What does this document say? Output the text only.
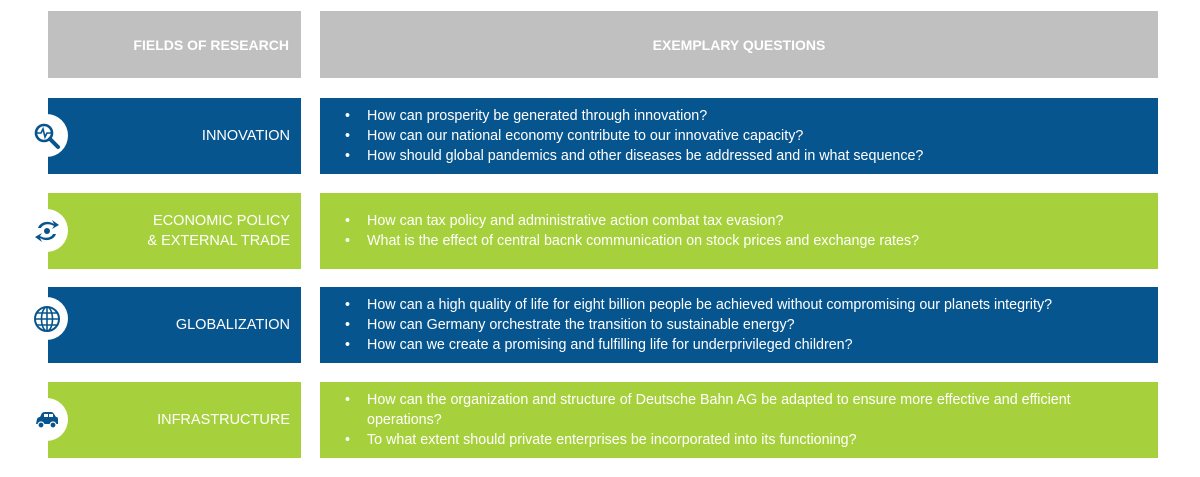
FIELDS OF RESEARCH	EXEMPLARY QUESTIONS
INNOVATION
• How can prosperity be generated through innovation?
• How can our national economy contribute to our innovative capacity?
• How should global pandemics and other diseases be addressed and in what sequence?
ECONOMIC POLICY
& EXTERNAL TRADE
• How can tax policy and administrative action combat tax evasion?
• What is the effect of central bacnk communication on stock prices and exchange rates?
GLOBALIZATION
• How can a high quality of life for eight billion people be achieved without compromising our planets integrity?
• How can Germany orchestrate the transition to sustainable energy?
• How can we create a promising and fulfilling life for underprivileged children?
INFRASTRUCTURE
• How can the organization and structure of Deutsche Bahn AG be adapted to ensure more effective and efficient operations?
• To what extent should private enterprises be incorporated into its functioning?
